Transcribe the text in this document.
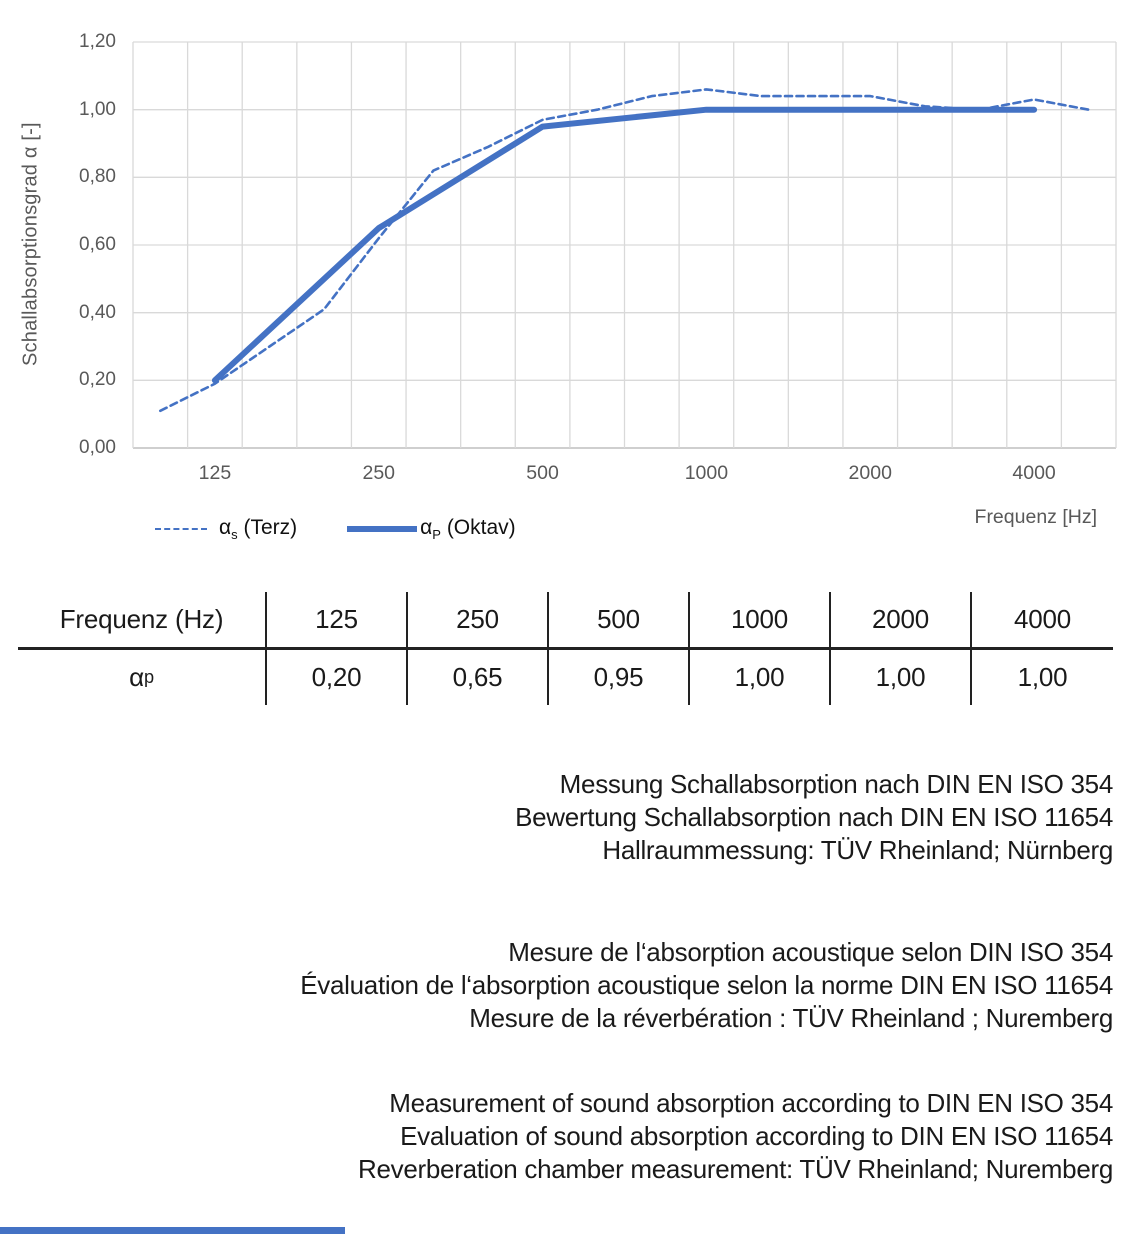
Schallabsorptionsgrad α [-]
0,00
0,20
0,40
0,60
0,80
1,00
1,20
125	250	500	1000	2000	4000
Frequenz [Hz]
$\alpha_s$ (Terz)	$\alpha_P$ (Oktav)
Frequenz (Hz)	125	250	500	1000	2000	4000
α p	0,20	0,65	0,95	1,00	1,00	1,00
Messung Schallabsorption nach DIN EN ISO 354
Bewertung Schallabsorption nach DIN EN ISO 11654
Hallraummessung: TÜV Rheinland; Nürnberg
Mesure de l‘absorption acoustique selon DIN ISO 354
Évaluation de l‘absorption acoustique selon la norme DIN EN ISO 11654
Mesure de la réverbération : TÜV Rheinland ; Nuremberg
Measurement of sound absorption according to DIN EN ISO 354
Evaluation of sound absorption according to DIN EN ISO 11654
Reverberation chamber measurement: TÜV Rheinland; Nuremberg
